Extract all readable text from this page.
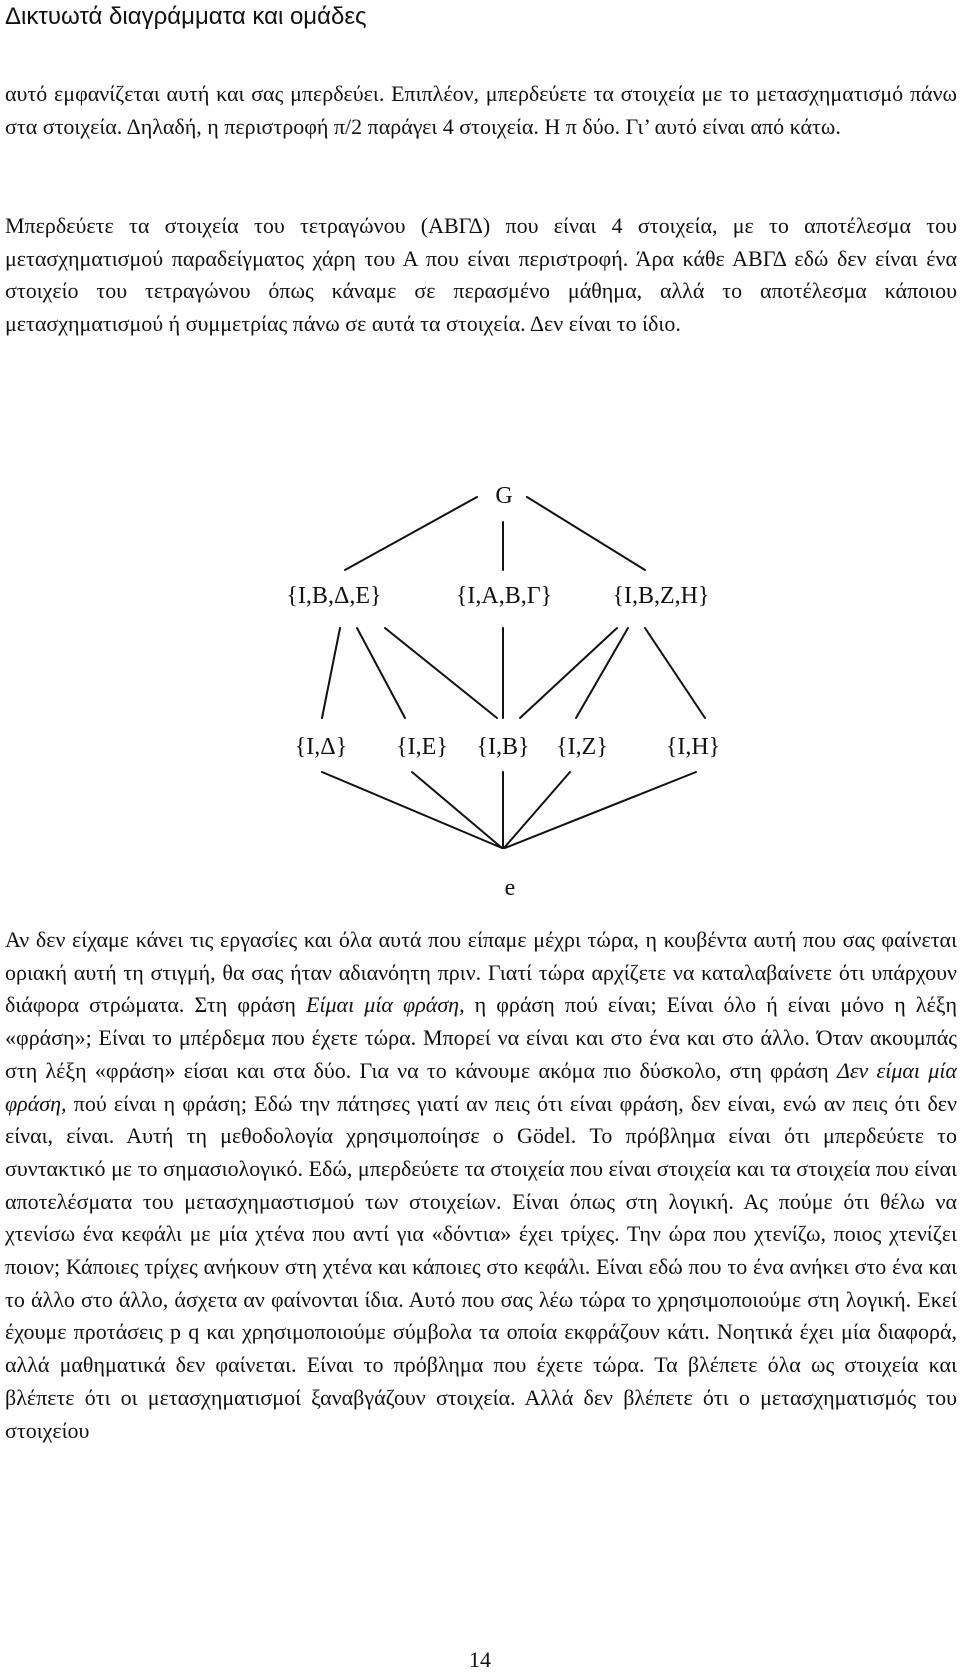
Δικτυωτά διαγράμματα και ομάδες

αυτό εμφανίζεται αυτή και σας μπερδεύει. Επιπλέον, μπερδεύετε τα στοιχεία με το μετασχηματισμό πάνω στα στοιχεία. Δηλαδή, η περιστροφή π/2 παράγει 4 στοιχεία. Η π δύο. Γι’ αυτό είναι από κάτω.

Μπερδεύετε τα στοιχεία του τετραγώνου (ΑΒΓΔ) που είναι 4 στοιχεία, με το αποτέλεσμα του μετασχηματισμού παραδείγματος χάρη του Α που είναι περιστροφή. Άρα κάθε ΑΒΓΔ εδώ δεν είναι ένα στοιχείο του τετραγώνου όπως κάναμε σε περασμένο μάθημα, αλλά το αποτέλεσμα κάποιου μετασχηματισμού ή συμμετρίας πάνω σε αυτά τα στοιχεία. Δεν είναι το ίδιο.

G
{I,B,Δ,E}	{I,A,B,Γ}	{I,B,Z,H}
{I,Δ} {I,E} {I,B} {I,Z} {I,H}
e

Αν δεν είχαμε κάνει τις εργασίες και όλα αυτά που είπαμε μέχρι τώρα, η κουβέντα αυτή που σας φαίνεται οριακή αυτή τη στιγμή, θα σας ήταν αδιανόητη πριν. Γιατί τώρα αρχίζετε να καταλαβαίνετε ότι υπάρχουν διάφορα στρώματα. Στη φράση Είμαι μία φράση, η φράση πού είναι; Είναι όλο ή είναι μόνο η λέξη «φράση»; Είναι το μπέρδεμα που έχετε τώρα. Μπορεί να είναι και στο ένα και στο άλλο. Όταν ακουμπάς στη λέξη «φράση» είσαι και στα δύο. Για να το κάνουμε ακόμα πιο δύσκολο, στη φράση Δεν είμαι μία φράση, πού είναι η φράση; Εδώ την πάτησες γιατί αν πεις ότι είναι φράση, δεν είναι, ενώ αν πεις ότι δεν είναι, είναι. Αυτή τη μεθοδολογία χρησιμοποίησε ο Gödel. Το πρόβλημα είναι ότι μπερδεύετε το συντακτικό με το σημασιολογικό. Εδώ, μπερδεύετε τα στοιχεία που είναι στοιχεία και τα στοιχεία που είναι αποτελέσματα του μετασχημαστισμού των στοιχείων. Είναι όπως στη λογική. Ας πούμε ότι θέλω να χτενίσω ένα κεφάλι με μία χτένα που αντί για «δόντια» έχει τρίχες. Την ώρα που χτενίζω, ποιος χτενίζει ποιον; Κάποιες τρίχες ανήκουν στη χτένα και κάποιες στο κεφάλι. Είναι εδώ που το ένα ανήκει στο ένα και το άλλο στο άλλο, άσχετα αν φαίνονται ίδια. Αυτό που σας λέω τώρα το χρησιμοποιούμε στη λογική. Εκεί έχουμε προτάσεις p q και χρησιμοποιούμε σύμβολα τα οποία εκφράζουν κάτι. Νοητικά έχει μία διαφορά, αλλά μαθηματικά δεν φαίνεται. Είναι το πρόβλημα που έχετε τώρα. Τα βλέπετε όλα ως στοιχεία και βλέπετε ότι οι μετασχηματισμοί ξαναβγάζουν στοιχεία. Αλλά δεν βλέπετε ότι ο μετασχηματισμός του στοιχείου

14
